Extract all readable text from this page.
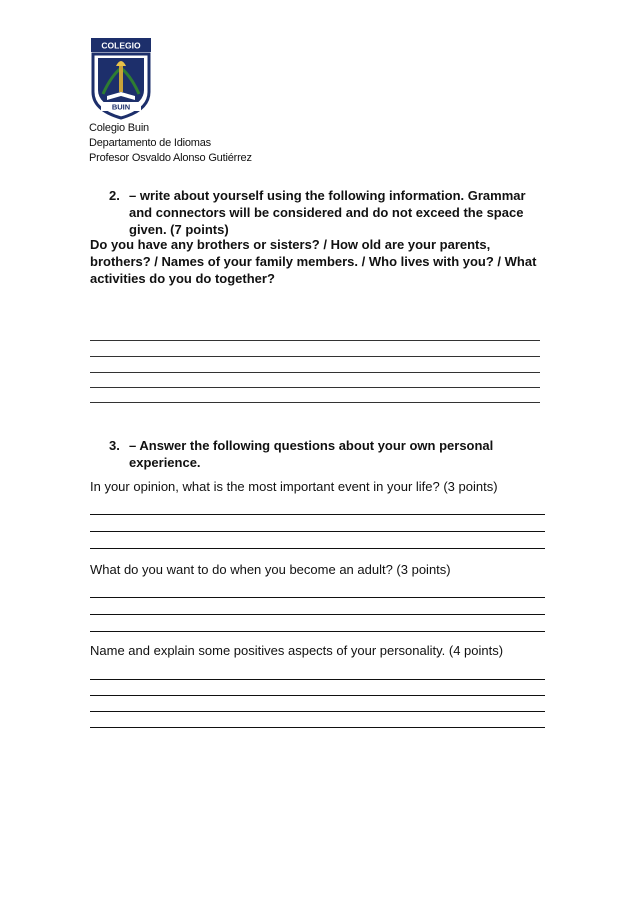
COLEGIO
BUIN
Colegio Buin
Departamento de Idiomas
Profesor Osvaldo Alonso Gutiérrez
2. – write about yourself using the following information. Grammar
and connectors will be considered and do not exceed the space
given. (7 points)
Do you have any brothers or sisters? / How old are your parents,
brothers? / Names of your family members. / Who lives with you? / What
activities do you do together?
3. – Answer the following questions about your own personal
experience.
In your opinion, what is the most important event in your life? (3 points)
What do you want to do when you become an adult? (3 points)
Name and explain some positives aspects of your personality. (4 points)
